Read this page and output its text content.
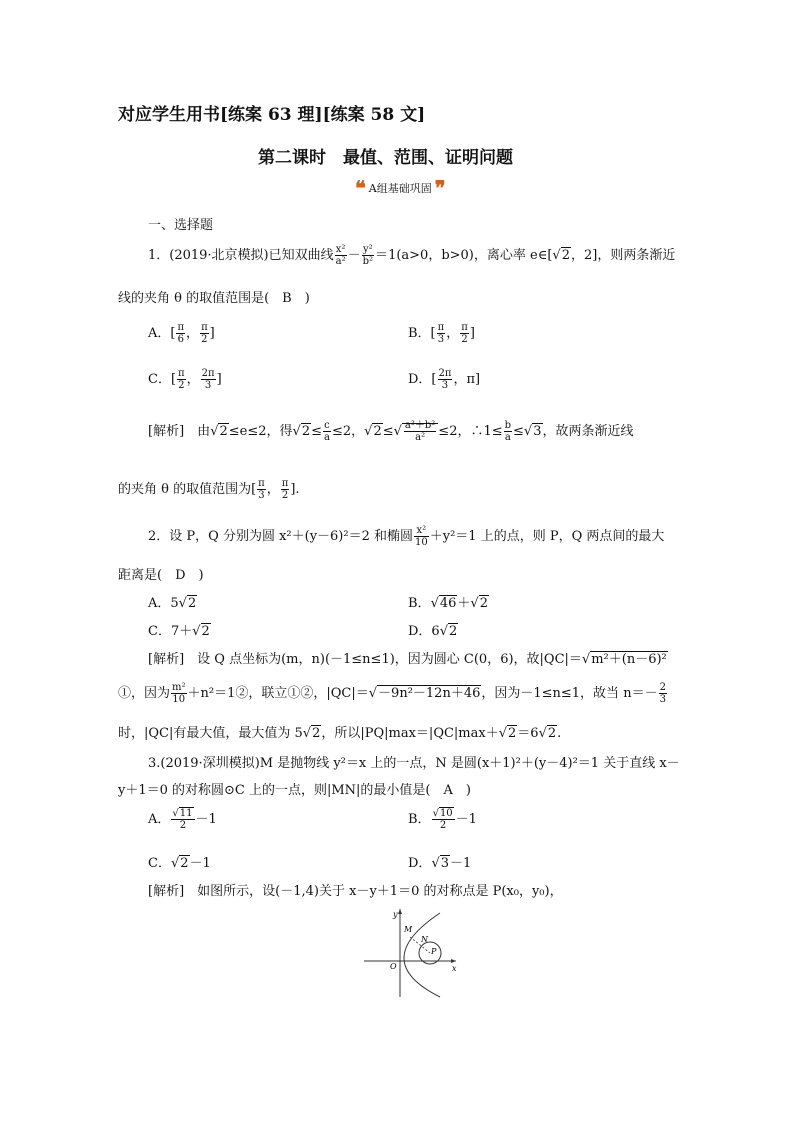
对应学生用书[练案 63 理][练案 58 文]
第二课时　最值、范围、证明问题
❝ A组基础巩固 ❞
一、选择题
1．(2019·北京模拟)已知双曲线 $\frac{\text{x²}}{\text{a²}} - \frac{\text{y²}}{\text{b²}} =1(a>0$，b>0)，离心率 e∈[√2，2]，则两条渐近
线的夹角 θ 的取值范围是(　B　)
A．[ $\frac{\pi}{6}$ ， $\frac{\pi}{2}$ ]	B．[ $\frac{\pi}{3}$ ， $\frac{\pi}{2}$ ]
C．[ $\frac{\pi}{2}$ ， $\frac{2\pi}{3}$ ]	D．[ $\frac{2\pi}{3}$ ，π]
[解析]　 由√2≤e≤2，得$√2\le \frac{c}{a} \le 2$，$√2\le√ \frac{\text{a²＋b²}}{\text{a²}} \le 2$，∴1≤ $\frac{b}{a} \le√3$，故两条渐近线
的夹角 θ 的取值范围为[ $\frac{\pi}{3}$ ， $\frac{\pi}{2}$ ].
2．设 P，Q 分别为圆 x²＋(y－6)²＝2 和椭圆 $\frac{\text{x²}}{10} +y^2=1$ 上的点，则 P，Q 两点间的最大
距离是(　D　)
A．5√2	B．√46＋√2
C．7＋√2	D．6√2
[解析]　 设 Q 点坐标为(m，n)(－1≤n≤1)，因为圆心 C(0，6)，故|QC|＝√m²＋(n－6)²
①，因为 $\frac{\text{m²}}{10}$ ＋n²＝1②，联立①②，|QC|＝√－9n²－12n＋46，因为－1≤n≤1，故当 $n=- \frac{2}{3}$
时，|QC|有最大值，最大值为 5√2，所以|PQ|max＝|QC|max＋√2＝6√2.
3.(2019·深圳模拟)M 是抛物线 y²＝x 上的一点，N 是圆(x＋1)²＋(y－4)²＝1 关于直线 x－
y＋1＝0 的对称圆⊙C 上的一点，则|MN|的最小值是(　A　)
A． $\frac{√11}{2} -1$	B． $\frac{√10}{2} -1$
C．√2－1	D．√3－1
[解析]　 如图所示，设(－1,4)关于 x－y＋1＝0 的对称点是 P(x₀，y₀)，
y
x
O
M
N
P
